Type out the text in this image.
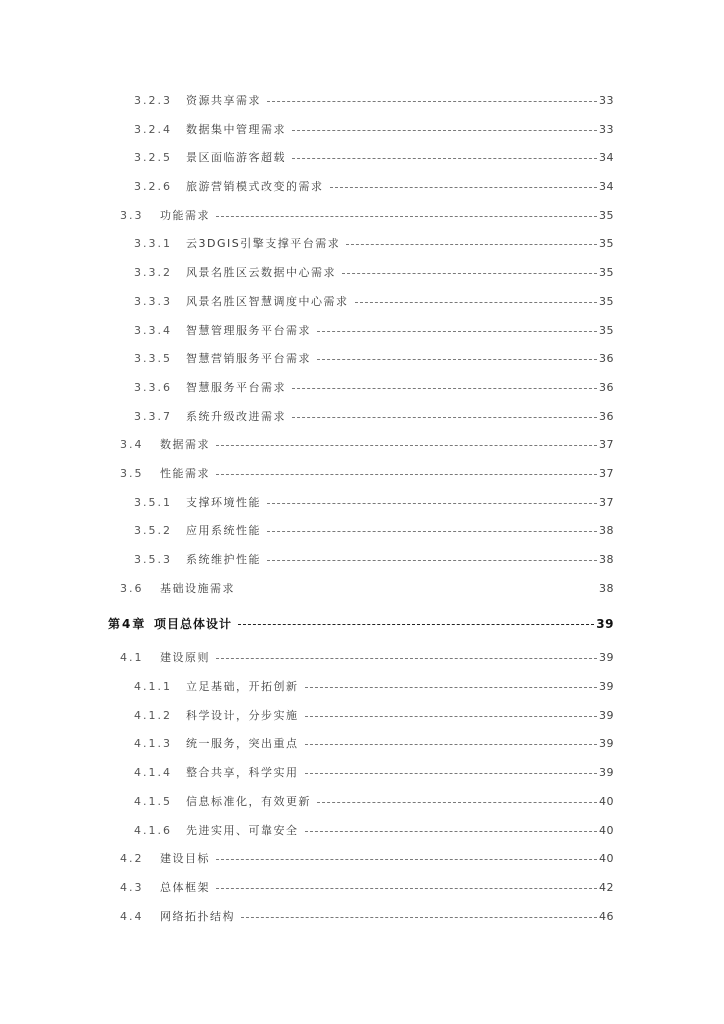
3.2.3	资源共享需求	33
3.2.4	数据集中管理需求	33
3.2.5	景区面临游客超载	34
3.2.6	旅游营销模式改变的需求	34
3.3	功能需求	35
3.3.1	云3DGIS引擎支撑平台需求	35
3.3.2	风景名胜区云数据中心需求	35
3.3.3	风景名胜区智慧调度中心需求	35
3.3.4	智慧管理服务平台需求	35
3.3.5	智慧营销服务平台需求	36
3.3.6	智慧服务平台需求	36
3.3.7	系统升级改进需求	36
3.4	数据需求	37
3.5	性能需求	37
3.5.1	支撑环境性能	37
3.5.2	应用系统性能	38
3.5.3	系统维护性能	38
3.6	基础设施需求	38
第4章 项目总体设计	39
4.1	建设原则	39
4.1.1	立足基础，开拓创新	39
4.1.2	科学设计，分步实施	39
4.1.3	统一服务，突出重点	39
4.1.4	整合共享，科学实用	39
4.1.5	信息标准化，有效更新	40
4.1.6	先进实用、可靠安全	40
4.2	建设目标	40
4.3	总体框架	42
4.4	网络拓扑结构	46
